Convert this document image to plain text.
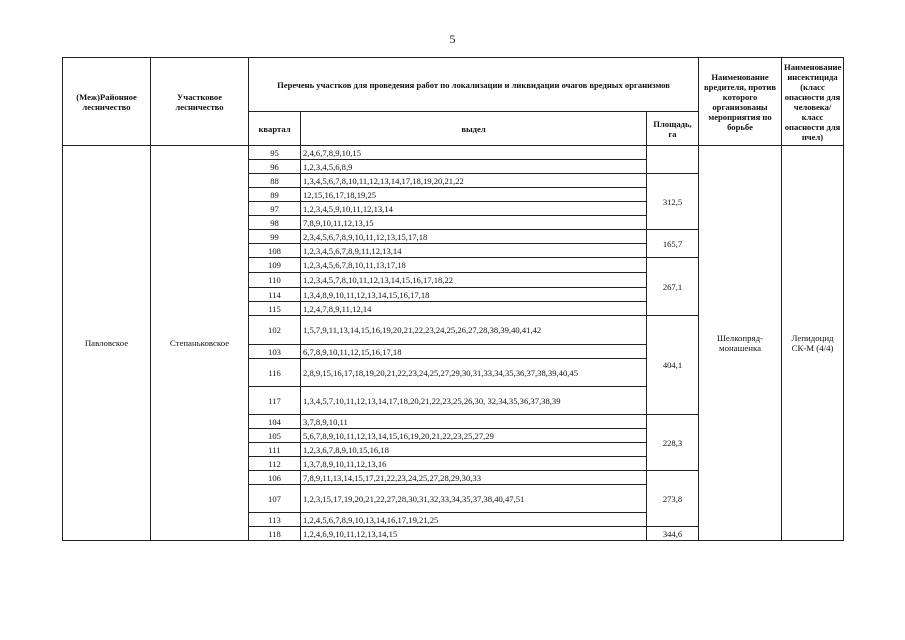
5
(Меж)Районное лесничество	Участковое лесничество	Перечень участков для проведения работ по локализации и ликвидации очагов вредных организмов			Наименование вредителя, против которого организованы мероприятия по борьбе	Наименование инсектицида (класс опасности для человека/класс опасности для пчел)
		квартал	выдел	Площадь, га		
Павловское	Степаньковское	95	2,4,6,7,8,9,10,15		Шелкопряд-монашенка	Лепидоцид СК-М (4/4)
		96	1,2,3,4,5,6,8,9			
		88	1,3,4,5,6,7,8,10,11,12,13,14,17,18,19,20,21,22	312,5		
		89	12,15,16,17,18,19,25			
		97	1,2,3,4,5,9,10,11,12,13,14			
		98	7,8,9,10,11,12,13,15			
		99	2,3,4,5,6,7,8,9,10,11,12,13,15,17,18	165,7		
		108	1,2,3,4,5,6,7,8,9,11,12,13,14			
		109	1,2,3,4,5,6,7,8,10,11,13,17,18	267,1		
		110	1,2,3,4,5,7,8,10,11,12,13,14,15,16,17,18,22			
		114	1,3,4,8,9,10,11,12,13,14,15,16,17,18			
		115	1,2,4,7,8,9,11,12,14			
		102	1,5,7,9,11,13,14,15,16,19,20,21,22,23,24,25,26,27,28,38,39,40,41,42	404,1		
		103	6,7,8,9,10,11,12,15,16,17,18			
		116	2,8,9,15,16,17,18,19,20,21,22,23,24,25,27,29,30,31,33,34,35,36,37,38,39,40,45			
		117	1,3,4,5,7,10,11,12,13,14,17,18,20,21,22,23,25,26,30, 32,34,35,36,37,38,39			
		104	3,7,8,9,10,11	228,3		
		105	5,6,7,8,9,10,11,12,13,14,15,16,19,20,21,22,23,25,27,29			
		111	1,2,3,6,7,8,9,10,15,16,18			
		112	1,3,7,8,9,10,11,12,13,16			
		106	7,8,9,11,13,14,15,17,21,22,23,24,25,27,28,29,30,33	273,8		
		107	1,2,3,15,17,19,20,21,22,27,28,30,31,32,33,34,35,37,38,40,47,51			
		113	1,2,4,5,6,7,8,9,10,13,14,16,17,19,21,25			
		118	1,2,4,6,9,10,11,12,13,14,15	344,6		
